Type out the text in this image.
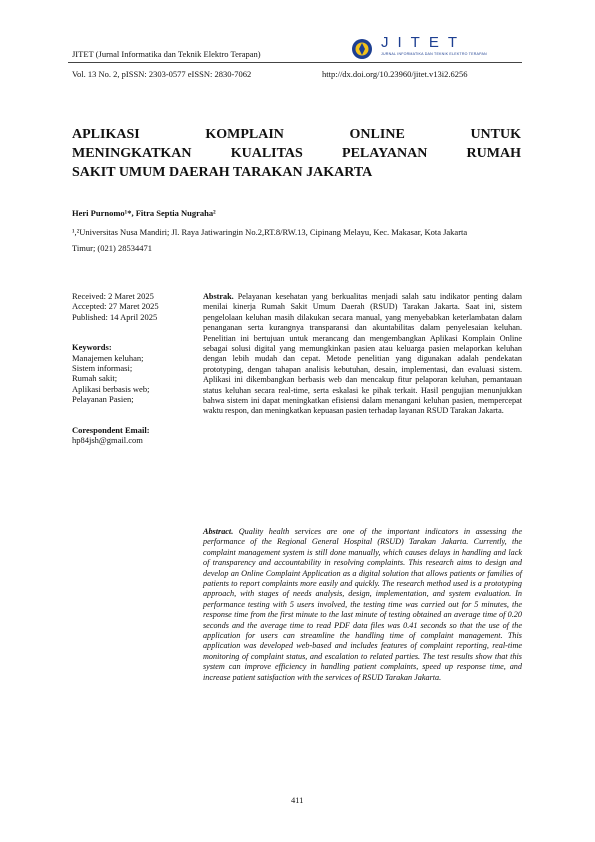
JITET (Jurnal Informatika dan Teknik Elektro Terapan)
JITET
JURNAL INFORMATIKA DAN TEKNIK ELEKTRO TERAPAN
Vol. 13 No. 2, pISSN: 2303-0577 eISSN: 2830-7062	http://dx.doi.org/10.23960/jitet.v13i2.6256
APLIKASI KOMPLAIN ONLINE UNTUK
MENINGKATKAN KUALITAS PELAYANAN RUMAH
SAKIT UMUM DAERAH TARAKAN JAKARTA
Heri Purnomo¹*, Fitra Septia Nugraha²
¹,²Universitas Nusa Mandiri; Jl. Raya Jatiwaringin No.2,RT.8/RW.13, Cipinang Melayu, Kec. Makasar, Kota Jakarta Timur; (021) 28534471
Received: 2 Maret 2025
Accepted: 27 Maret 2025
Published: 14 April 2025
Keywords:
Manajemen keluhan;
Sistem informasi;
Rumah sakit;
Aplikasi berbasis web;
Pelayanan Pasien;
Corespondent Email:
hp84jsh@gmail.com
Abstrak. Pelayanan kesehatan yang berkualitas menjadi salah satu indikator penting dalam menilai kinerja Rumah Sakit Umum Daerah (RSUD) Tarakan Jakarta. Saat ini, sistem pengelolaan keluhan masih dilakukan secara manual, yang menyebabkan keterlambatan dalam penanganan serta kurangnya transparansi dan akuntabilitas dalam penyelesaian keluhan. Penelitian ini bertujuan untuk merancang dan mengembangkan Aplikasi Komplain Online sebagai solusi digital yang memungkinkan pasien atau keluarga pasien melaporkan keluhan dengan lebih mudah dan cepat. Metode penelitian yang digunakan adalah pendekatan prototyping, dengan tahapan analisis kebutuhan, desain, implementasi, dan evaluasi sistem. Aplikasi ini dikembangkan berbasis web dan mencakup fitur pelaporan keluhan, pemantauan status keluhan secara real-time, serta eskalasi ke pihak terkait. Hasil pengujian menunjukkan bahwa sistem ini dapat meningkatkan efisiensi dalam menangani keluhan pasien, mempercepat waktu respon, dan meningkatkan kepuasan pasien terhadap layanan RSUD Tarakan Jakarta.
Abstract. Quality health services are one of the important indicators in assessing the performance of the Regional General Hospital (RSUD) Tarakan Jakarta. Currently, the complaint management system is still done manually, which causes delays in handling and lack of transparency and accountability in resolving complaints. This research aims to design and develop an Online Complaint Application as a digital solution that allows patients or families of patients to report complaints more easily and quickly. The research method used is a prototyping approach, with stages of needs analysis, design, implementation, and system evaluation. In performance testing with 5 users involved, the testing time was carried out for 5 minutes, the response time from the first minute to the last minute of testing obtained an average time of 0.20 seconds and the average time to read PDF data files was 0.41 seconds so that the use of the application for users can streamline the handling time of complaint management. This application was developed web-based and includes features of complaint reporting, real-time monitoring of complaint status, and escalation to related parties. The test results show that this system can improve efficiency in handling patient complaints, speed up response time, and increase patient satisfaction with the services of RSUD Tarakan Jakarta.
411
